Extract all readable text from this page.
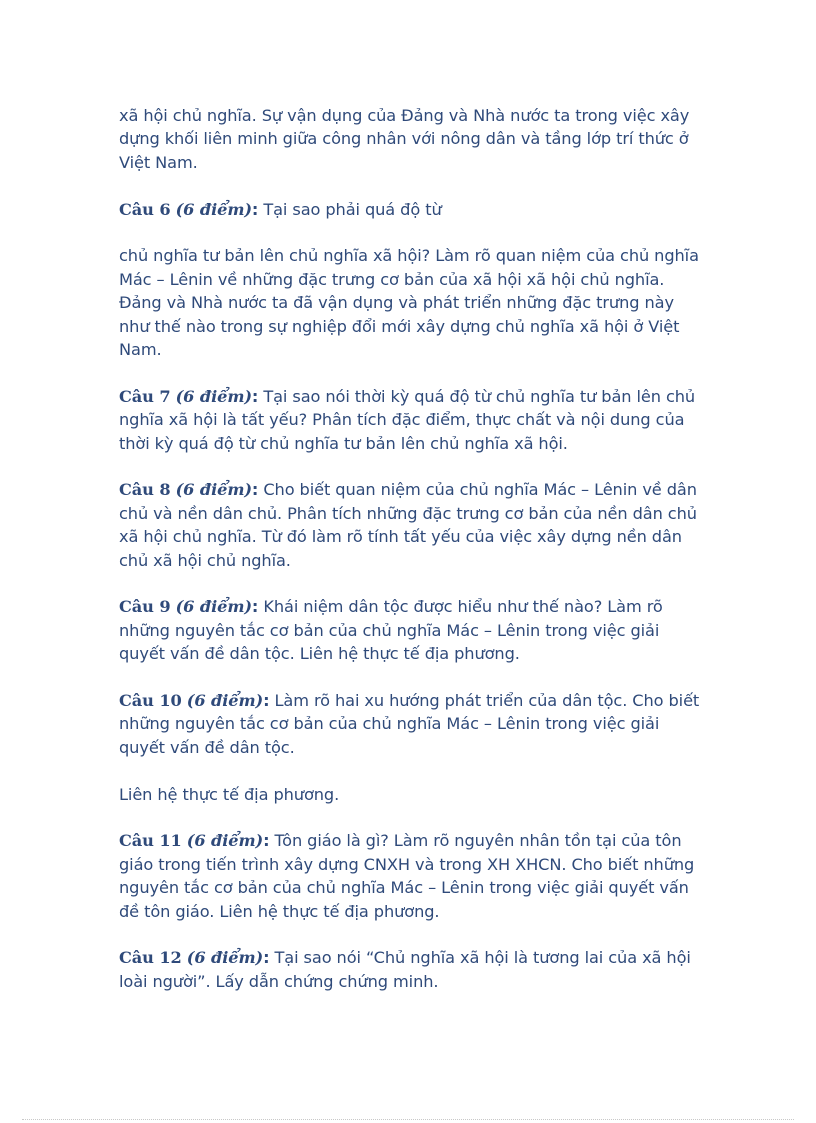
xã hội chủ nghĩa. Sự vận dụng của Đảng và Nhà nước ta trong việc xây dựng khối liên minh giữa công nhân với nông dân và tầng lớp trí thức ở Việt Nam.

Câu 6 (6 điểm): Tại sao phải quá độ từ

chủ nghĩa tư bản lên chủ nghĩa xã hội? Làm rõ quan niệm của chủ nghĩa Mác – Lênin về những đặc trưng cơ bản của xã hội xã hội chủ nghĩa. Đảng và Nhà nước ta đã vận dụng và phát triển những đặc trưng này như thế nào trong sự nghiệp đổi mới xây dựng chủ nghĩa xã hội ở Việt Nam.

Câu 7 (6 điểm): Tại sao nói thời kỳ quá độ từ chủ nghĩa tư bản lên chủ nghĩa xã hội là tất yếu? Phân tích đặc điểm, thực chất và nội dung của thời kỳ quá độ từ chủ nghĩa tư bản lên chủ nghĩa xã hội.

Câu 8 (6 điểm): Cho biết quan niệm của chủ nghĩa Mác – Lênin về dân chủ và nền dân chủ. Phân tích những đặc trưng cơ bản của nền dân chủ xã hội chủ nghĩa. Từ đó làm rõ tính tất yếu của việc xây dựng nền dân chủ xã hội chủ nghĩa.

Câu 9 (6 điểm): Khái niệm dân tộc được hiểu như thế nào? Làm rõ những nguyên tắc cơ bản của chủ nghĩa Mác – Lênin trong việc giải quyết vấn đề dân tộc. Liên hệ thực tế địa phương.

Câu 10 (6 điểm): Làm rõ hai xu hướng phát triển của dân tộc. Cho biết những nguyên tắc cơ bản của chủ nghĩa Mác – Lênin trong việc giải quyết vấn đề dân tộc.

Liên hệ thực tế địa phương.

Câu 11 (6 điểm): Tôn giáo là gì? Làm rõ nguyên nhân tồn tại của tôn giáo trong tiến trình xây dựng CNXH và trong XH XHCN. Cho biết những nguyên tắc cơ bản của chủ nghĩa Mác – Lênin trong việc giải quyết vấn đề tôn giáo. Liên hệ thực tế địa phương.

Câu 12 (6 điểm): Tại sao nói “Chủ nghĩa xã hội là tương lai của xã hội loài người”. Lấy dẫn chứng chứng minh.
